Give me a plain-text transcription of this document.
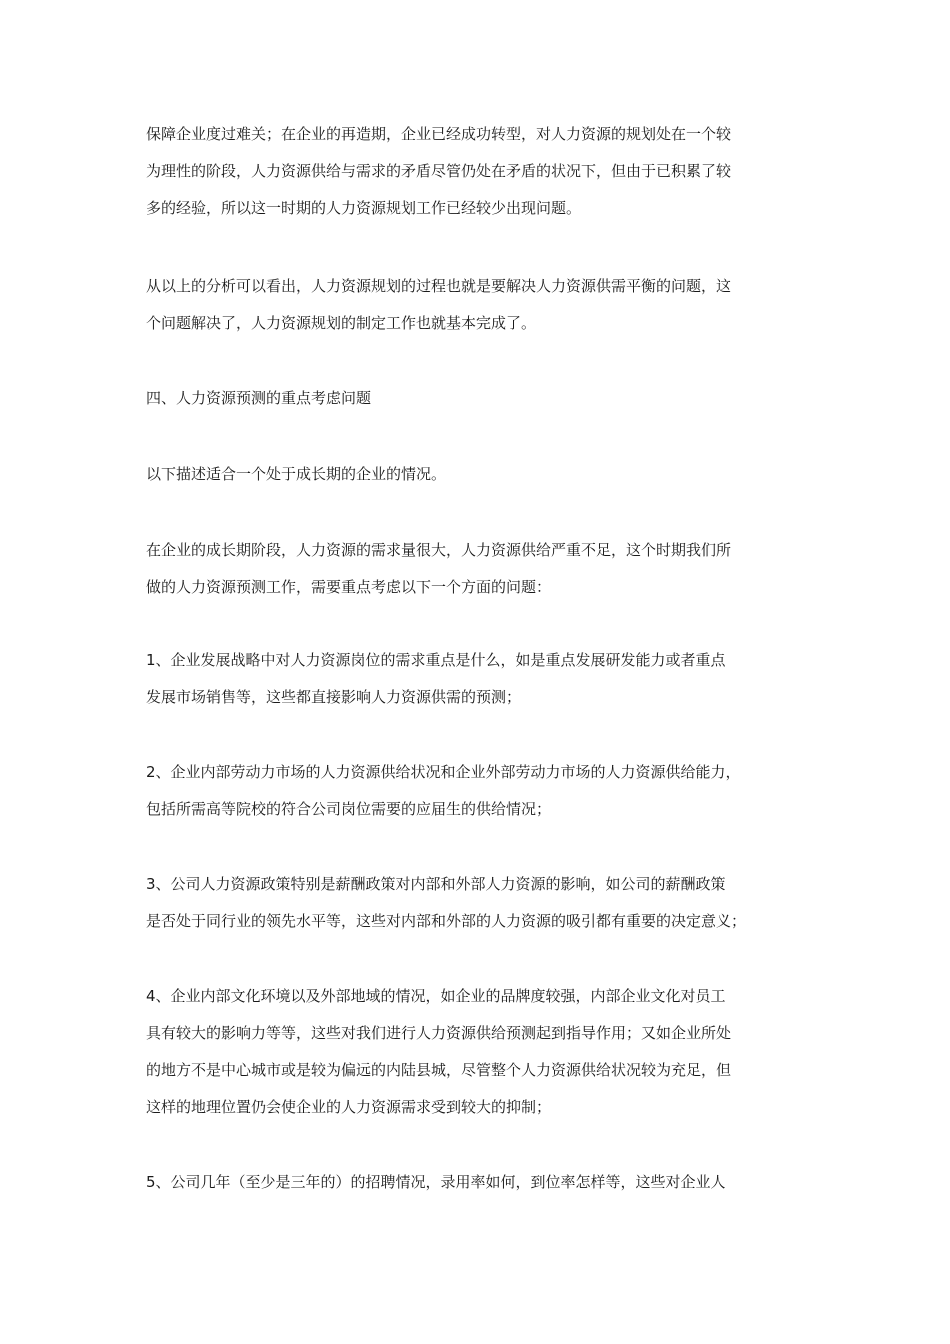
保障企业度过难关；在企业的再造期，企业已经成功转型，对人力资源的规划处在一个较
为理性的阶段，人力资源供给与需求的矛盾尽管仍处在矛盾的状况下，但由于已积累了较
多的经验，所以这一时期的人力资源规划工作已经较少出现问题。

从以上的分析可以看出，人力资源规划的过程也就是要解决人力资源供需平衡的问题，这
个问题解决了，人力资源规划的制定工作也就基本完成了。

四、人力资源预测的重点考虑问题

以下描述适合一个处于成长期的企业的情况。

在企业的成长期阶段，人力资源的需求量很大，人力资源供给严重不足，这个时期我们所
做的人力资源预测工作，需要重点考虑以下一个方面的问题：

1、企业发展战略中对人力资源岗位的需求重点是什么，如是重点发展研发能力或者重点
发展市场销售等，这些都直接影响人力资源供需的预测；

2、企业内部劳动力市场的人力资源供给状况和企业外部劳动力市场的人力资源供给能力，
包括所需高等院校的符合公司岗位需要的应届生的供给情况；

3、公司人力资源政策特别是薪酬政策对内部和外部人力资源的影响，如公司的薪酬政策
是否处于同行业的领先水平等，这些对内部和外部的人力资源的吸引都有重要的决定意义；

4、企业内部文化环境以及外部地域的情况，如企业的品牌度较强，内部企业文化对员工
具有较大的影响力等等，这些对我们进行人力资源供给预测起到指导作用；又如企业所处
的地方不是中心城市或是较为偏远的内陆县城，尽管整个人力资源供给状况较为充足，但
这样的地理位置仍会使企业的人力资源需求受到较大的抑制；

5、公司几年（至少是三年的）的招聘情况，录用率如何，到位率怎样等，这些对企业人
